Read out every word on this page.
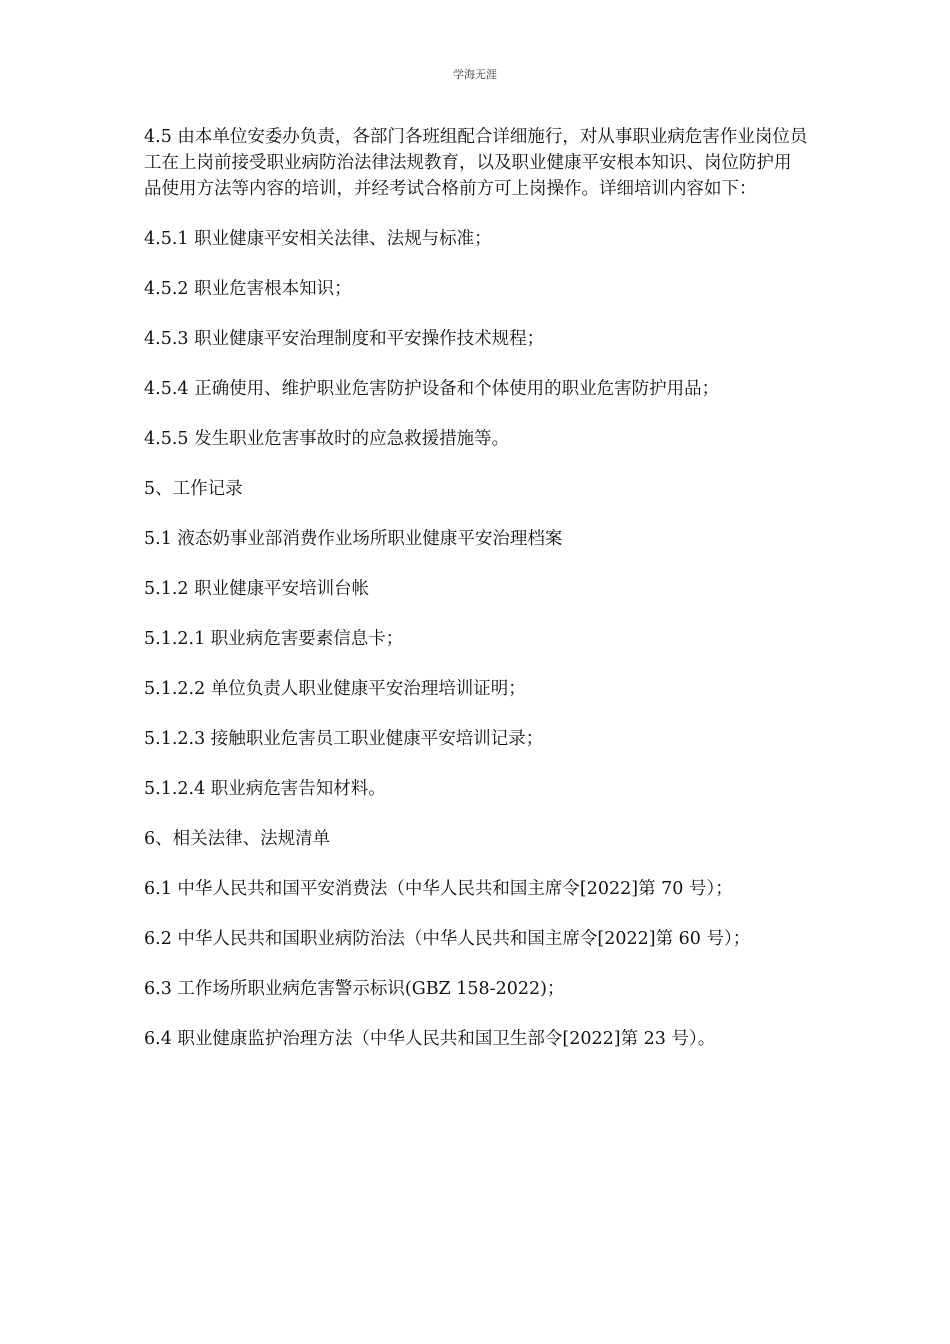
学海无涯

4.5 由本单位安委办负责，各部门各班组配合详细施行，对从事职业病危害作业岗位员工在上岗前接受职业病防治法律法规教育，以及职业健康平安根本知识、岗位防护用品使用方法等内容的培训，并经考试合格前方可上岗操作。详细培训内容如下：

4.5.1 职业健康平安相关法律、法规与标准；

4.5.2 职业危害根本知识；

4.5.3 职业健康平安治理制度和平安操作技术规程；

4.5.4 正确使用、维护职业危害防护设备和个体使用的职业危害防护用品；

4.5.5 发生职业危害事故时的应急救援措施等。

5、工作记录

5.1 液态奶事业部消费作业场所职业健康平安治理档案

5.1.2 职业健康平安培训台帐

5.1.2.1 职业病危害要素信息卡；

5.1.2.2 单位负责人职业健康平安治理培训证明；

5.1.2.3 接触职业危害员工职业健康平安培训记录；

5.1.2.4 职业病危害告知材料。

6、相关法律、法规清单

6.1 中华人民共和国平安消费法（中华人民共和国主席令[2022]第 70 号）；

6.2 中华人民共和国职业病防治法（中华人民共和国主席令[2022]第 60 号）；

6.3 工作场所职业病危害警示标识(GBZ 158-2022)；

6.4 职业健康监护治理方法（中华人民共和国卫生部令[2022]第 23 号）。
